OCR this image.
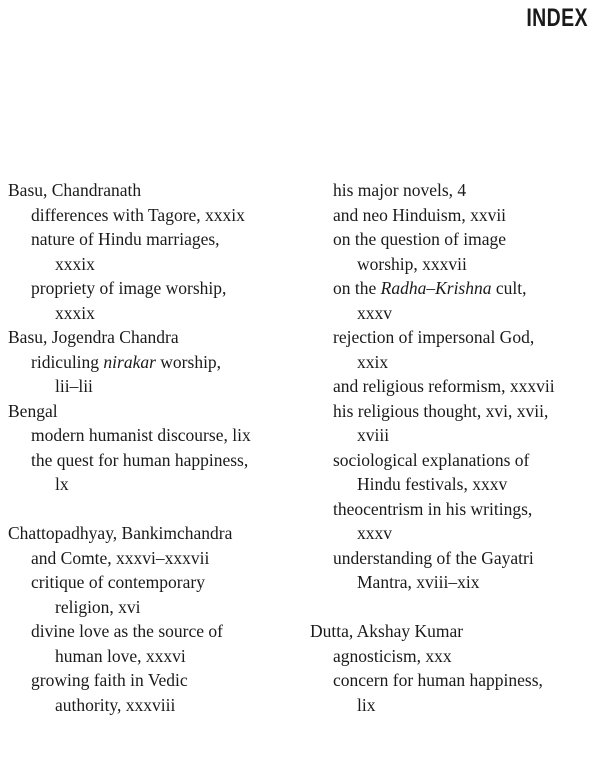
INDEX
Basu, Chandranath
differences with Tagore, xxxix
nature of Hindu marriages,
xxxix
propriety of image worship,
xxxix
Basu, Jogendra Chandra
ridiculing nirakar worship,
lii–lii
Bengal
modern humanist discourse, lix
the quest for human happiness,
lx
Chattopadhyay, Bankimchandra
and Comte, xxxvi–xxxvii
critique of contemporary
religion, xvi
divine love as the source of
human love, xxxvi
growing faith in Vedic
authority, xxxviii
his major novels, 4
and neo Hinduism, xxvii
on the question of image
worship, xxxvii
on the Radha–Krishna cult,
xxxv
rejection of impersonal God,
xxix
and religious reformism, xxxvii
his religious thought, xvi, xvii,
xviii
sociological explanations of
Hindu festivals, xxxv
theocentrism in his writings,
xxxv
understanding of the Gayatri
Mantra, xviii–xix
Dutta, Akshay Kumar
agnosticism, xxx
concern for human happiness,
lix
